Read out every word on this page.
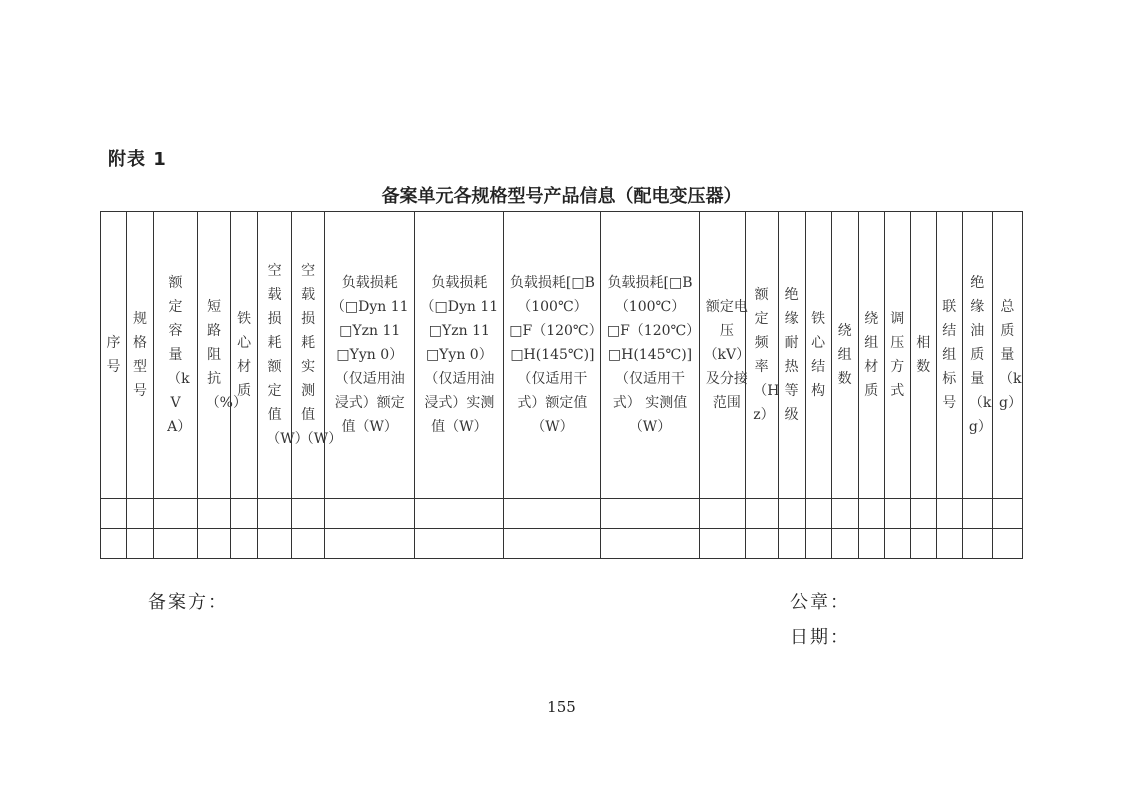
附表 1
备案单元各规格型号产品信息（配电变压器）
序号	规格型号	额定容量（kVA）	短路阻抗（%）	铁心材质	空载损耗额定值（W）	空载损耗实测值（W）	负载损耗（□Dyn 11 □Yzn 11 □Yyn 0）（仅适用油浸式）额定值（W）	负载损耗（□Dyn 11 □Yzn 11 □Yyn 0）（仅适用油浸式）实测值（W）	负载损耗[□B（100℃）□F（120℃）□H(145℃)]（仅适用干式）额定值（W）	负载损耗[□B（100℃）□F（120℃）□H(145℃)]（仅适用干式） 实测值（W）	额定电压（kV）及分接范围	额定频率（Hz）	绝缘耐热等级	铁心结构	绕组数	绕组材质	调压方式	相数	联结组标号	绝缘油质量（kg）	总质量（kg）

备案方：	公章：
日期：
155
